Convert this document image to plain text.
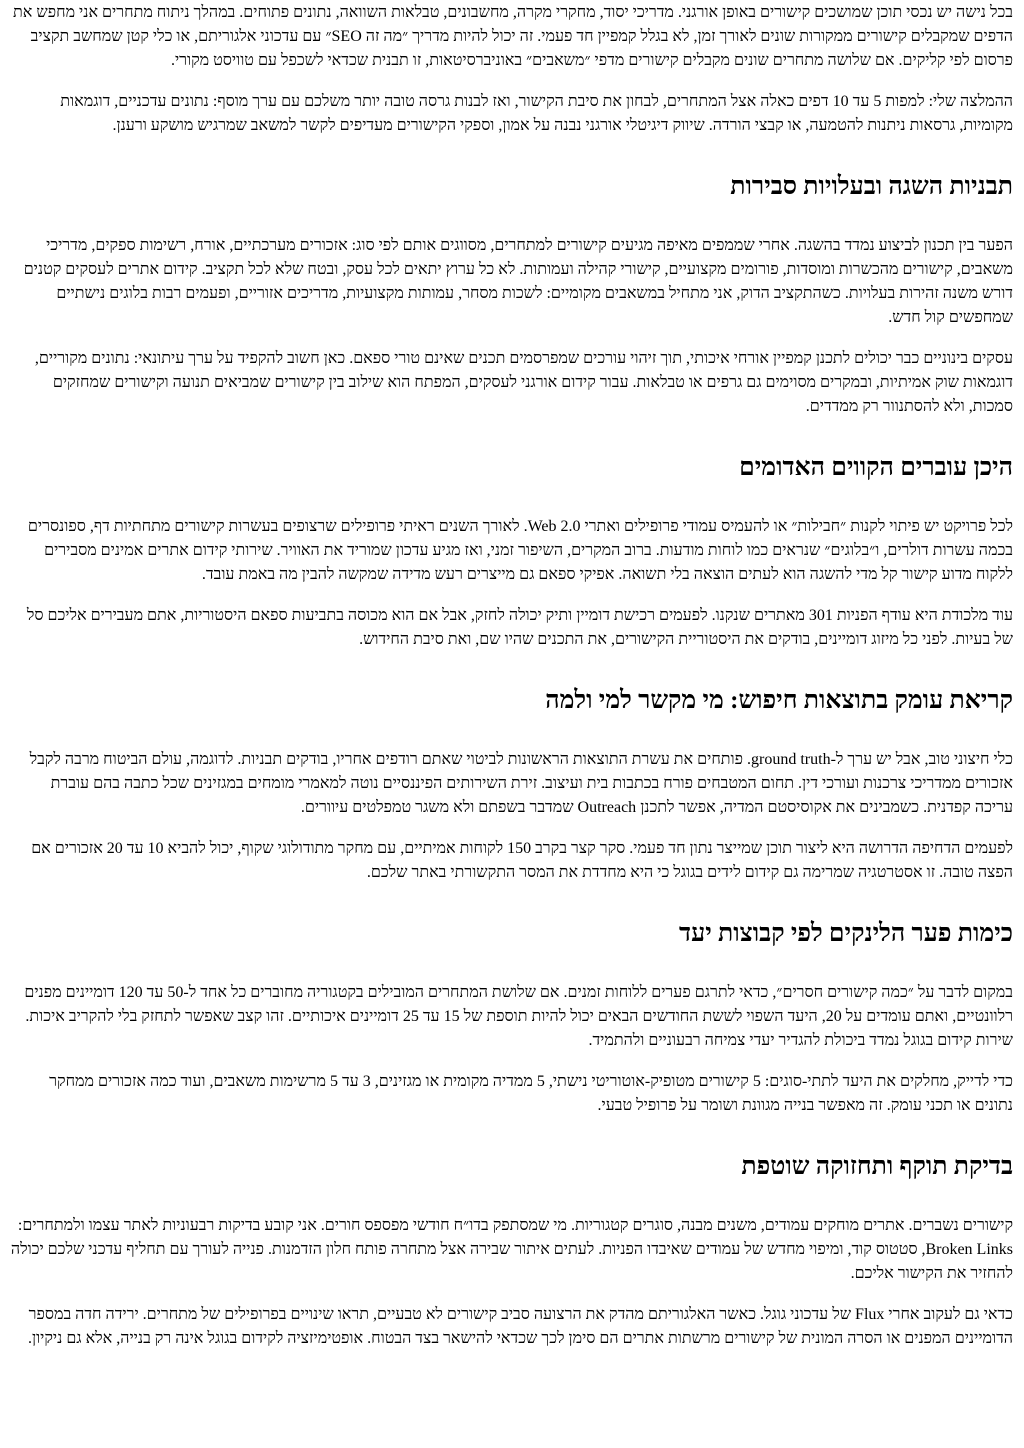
בכל נישה יש נכסי תוכן שמושכים קישורים באופן אורגני. מדריכי יסוד, מחקרי מקרה, מחשבונים, טבלאות השוואה, נתונים פתוחים. במהלך ניתוח מתחרים אני מחפש את הדפים שמקבלים קישורים ממקורות שונים לאורך זמן, לא בגלל קמפיין חד פעמי. זה יכול להיות מדריך ״מה זה SEO״ עם עדכוני אלגוריתם, או כלי קטן שמחשב תקציב פרסום לפי קליקים. אם שלושה מתחרים שונים מקבלים קישורים מדפי ״משאבים״ באוניברסיטאות, זו תבנית שכדאי לשכפל עם טוויסט מקורי.

ההמלצה שלי: למפות 5 עד 10 דפים כאלה אצל המתחרים, לבחון את סיבת הקישור, ואז לבנות גרסה טובה יותר משלכם עם ערך מוסף: נתונים עדכניים, דוגמאות מקומיות, גרסאות ניתנות להטמעה, או קבצי הורדה. שיווק דיגיטלי אורגני נבנה על אמון, וספקי הקישורים מעדיפים לקשר למשאב שמרגיש מושקע ורענן.

תבניות השגה ובעלויות סבירות

הפער בין תכנון לביצוע נמדד בהשגה. אחרי שממפים מאיפה מגיעים קישורים למתחרים, מסווגים אותם לפי סוג: אזכורים מערכתיים, אורח, רשימות ספקים, מדריכי משאבים, קישורים מהכשרות ומוסדות, פורומים מקצועיים, קישורי קהילה ועמותות. לא כל ערוץ יתאים לכל עסק, ובטח שלא לכל תקציב. קידום אתרים לעסקים קטנים דורש משנה זהירות בעלויות. כשהתקציב הדוק, אני מתחיל במשאבים מקומיים: לשכות מסחר, עמותות מקצועיות, מדריכים אזוריים, ופעמים רבות בלוגים נישתיים שמחפשים קול חדש.

עסקים בינוניים כבר יכולים לתכנן קמפיין אורחי איכותי, תוך זיהוי עורכים שמפרסמים תכנים שאינם טורי ספאם. כאן חשוב להקפיד על ערך עיתונאי: נתונים מקוריים, דוגמאות שוק אמיתיות, ובמקרים מסוימים גם גרפים או טבלאות. עבור קידום אורגני לעסקים, המפתח הוא שילוב בין קישורים שמביאים תנועה וקישורים שמחזקים סמכות, ולא להסתנוור רק ממדדים.

היכן עוברים הקווים האדומים

לכל פרויקט יש פיתוי לקנות ״חבילות״ או להעמיס עמודי פרופילים ואתרי Web 2.0. לאורך השנים ראיתי פרופילים שרצופים בעשרות קישורים מתחתיות דף, ספונסרים בכמה עשרות דולרים, ו״בלוגים״ שנראים כמו לוחות מודעות. ברוב המקרים, השיפור זמני, ואז מגיע עדכון שמוריד את האוויר. שירותי קידום אתרים אמינים מסבירים ללקוח מדוע קישור קל מדי להשגה הוא לעתים הוצאה בלי תשואה. אפיקי ספאם גם מייצרים רעש מדידה שמקשה להבין מה באמת עובד.

עוד מלכודת היא עודף הפניות 301 מאתרים שנקנו. לפעמים רכישת דומיין ותיק יכולה לחזק, אבל אם הוא מכוסה בתביעות ספאם היסטוריות, אתם מעבירים אליכם סל של בעיות. לפני כל מיזוג דומיינים, בודקים את היסטוריית הקישורים, את התכנים שהיו שם, ואת סיבת החידוש.

קריאת עומק בתוצאות חיפוש: מי מקשר למי ולמה

כלי חיצוני טוב, אבל יש ערך ל-ground truth. פותחים את עשרת התוצאות הראשונות לביטוי שאתם רודפים אחריו, בודקים תבניות. לדוגמה, עולם הביטוח מרבה לקבל אזכורים ממדריכי צרכנות ועורכי דין. תחום המטבחים פורח בכתבות בית ועיצוב. זירת השירותים הפיננסיים נוטה למאמרי מומחים במגזינים שכל כתבה בהם עוברת עריכה קפדנית. כשמבינים את אקוסיסטם המדיה, אפשר לתכנן Outreach שמדבר בשפתם ולא משגר טמפלטים עיוורים.

לפעמים הדחיפה הדרושה היא ליצור תוכן שמייצר נתון חד פעמי. סקר קצר בקרב 150 לקוחות אמיתיים, עם מחקר מתודולוגי שקוף, יכול להביא 10 עד 20 אזכורים אם הפצה טובה. זו אסטרטגיה שמרימה גם קידום לידים בגוגל כי היא מחדדת את המסר התקשורתי באתר שלכם.

כימות פער הלינקים לפי קבוצות יעד

במקום לדבר על ״כמה קישורים חסרים״, כדאי לתרגם פערים ללוחות זמנים. אם שלושת המתחרים המובילים בקטגוריה מחוברים כל אחד ל-50 עד 120 דומיינים מפנים רלוונטיים, ואתם עומדים על 20, היעד השפוי לששת החודשים הבאים יכול להיות תוספת של 15 עד 25 דומיינים איכותיים. זהו קצב שאפשר לתחזק בלי להקריב איכות. שירות קידום בגוגל נמדד ביכולת להגדיר יעדי צמיחה רבעוניים ולהתמיד.

כדי לדייק, מחלקים את היעד לתתי-סוגים: 5 קישורים מטופיק-אוטוריטי נישתי, 5 ממדיה מקומית או מגזינים, 3 עד 5 מרשימות משאבים, ועוד כמה אזכורים ממחקר נתונים או תכני עומק. זה מאפשר בנייה מגוונת ושומר על פרופיל טבעי.

בדיקת תוקף ותחזוקה שוטפת

קישורים נשברים. אתרים מוחקים עמודים, משנים מבנה, סוגרים קטגוריות. מי שמסתפק בדו״ח חודשי מפספס חורים. אני קובע בדיקות רבעוניות לאתר עצמו ולמתחרים: Broken Links, סטטוס קוד, ומיפוי מחדש של עמודים שאיבדו הפניות. לעתים איתור שבירה אצל מתחרה פותח חלון הזדמנות. פנייה לעורך עם תחליף עדכני שלכם יכולה להחזיר את הקישור אליכם.

כדאי גם לעקוב אחרי Flux של עדכוני גוגל. כאשר האלגוריתם מהדק את הרצועה סביב קישורים לא טבעיים, תראו שינויים בפרופילים של מתחרים. ירידה חדה במספר הדומיינים המפנים או הסרה המונית של קישורים מרשתות אתרים הם סימן לכך שכדאי להישאר בצד הבטוח. אופטימיזציה לקידום בגוגל אינה רק בנייה, אלא גם ניקיון.
